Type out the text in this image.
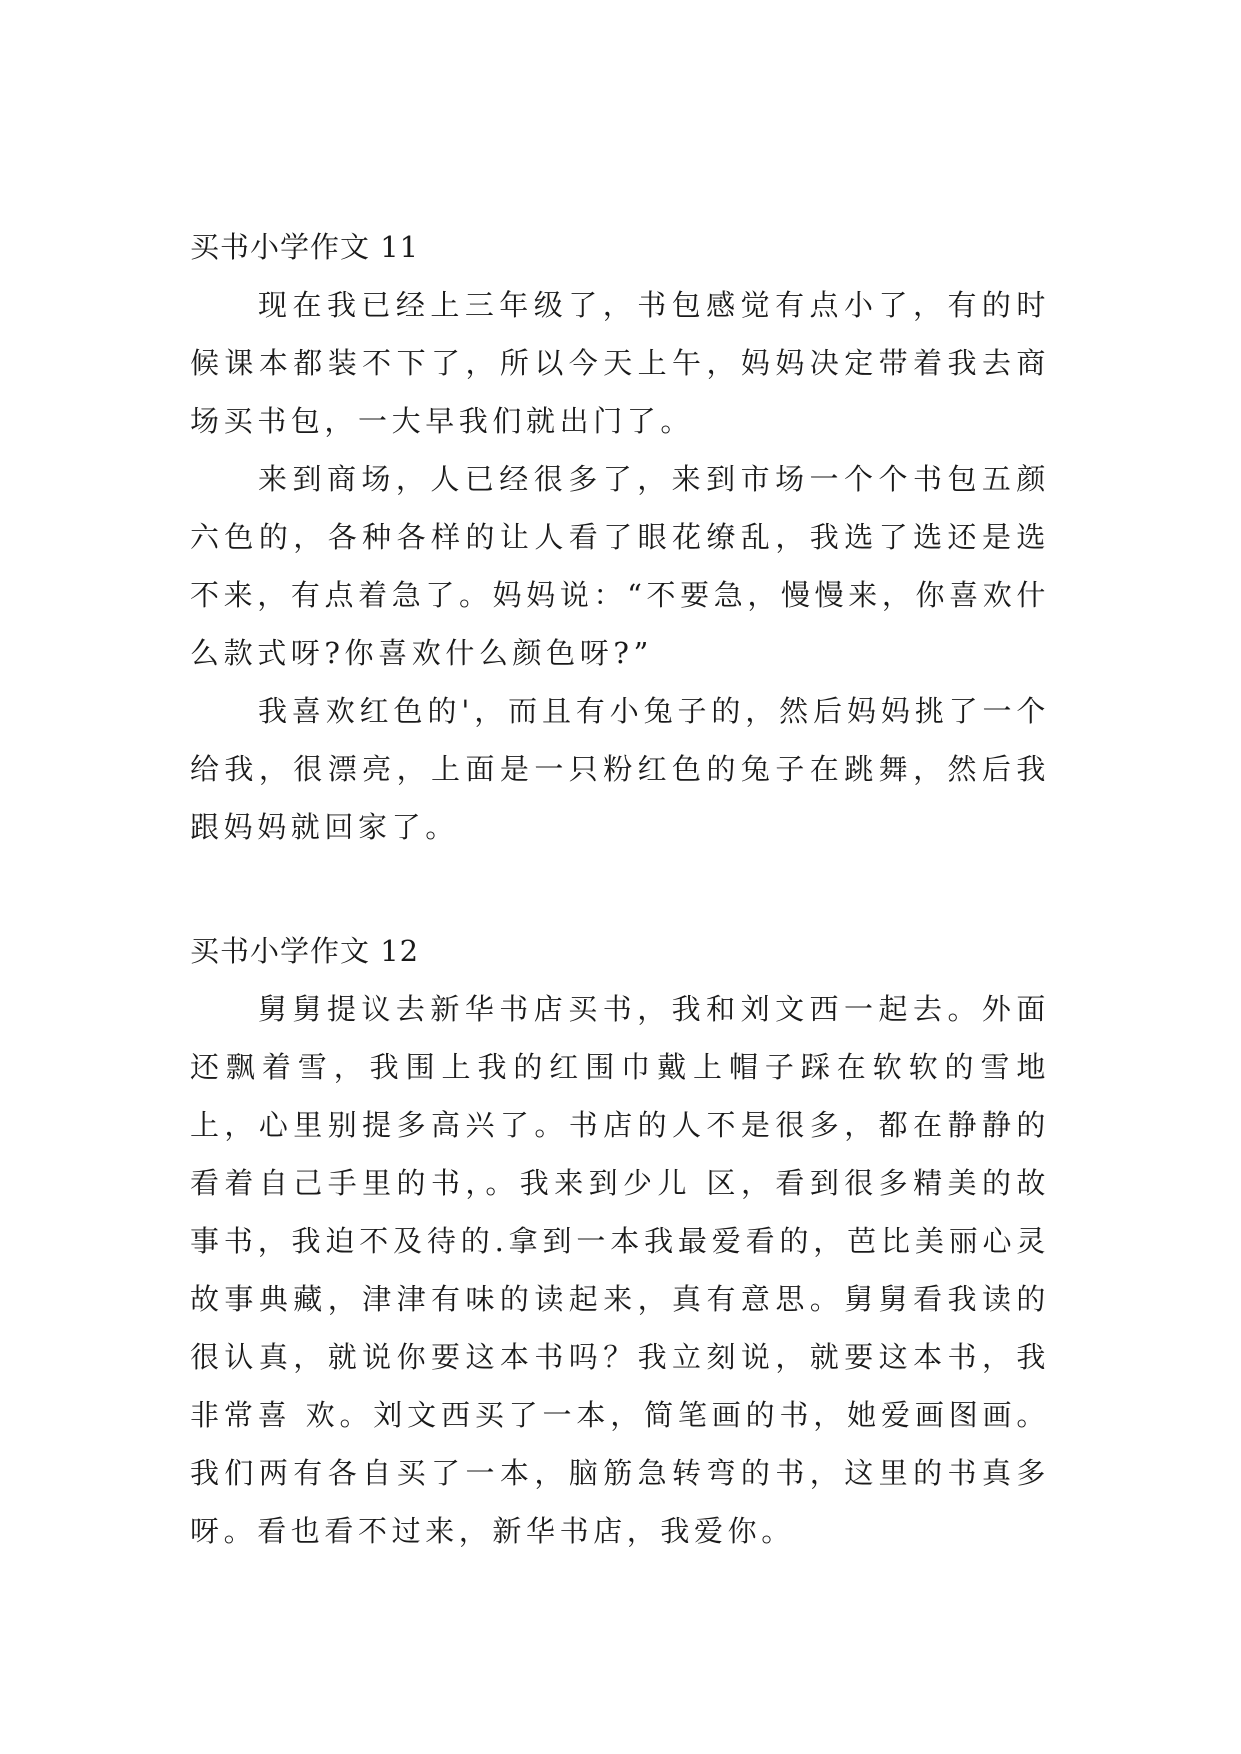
买书小学作文 11

现在我已经上三年级了，书包感觉有点小了，有的时候课本都装不下了，所以今天上午，妈妈决定带着我去商场买书包，一大早我们就出门了。

来到商场，人已经很多了，来到市场一个个书包五颜六色的，各种各样的让人看了眼花缭乱，我选了选还是选不来，有点着急了。妈妈说：“不要急，慢慢来，你喜欢什么款式呀?你喜欢什么颜色呀?”

我喜欢红色的'，而且有小兔子的，然后妈妈挑了一个给我，很漂亮，上面是一只粉红色的兔子在跳舞，然后我跟妈妈就回家了。

买书小学作文 12

舅舅提议去新华书店买书，我和刘文西一起去。外面还飘着雪，我围上我的红围巾戴上帽子踩在软软的雪地上，心里别提多高兴了。书店的人不是很多，都在静静的看着自己手里的书，。我来到少儿 区，看到很多精美的故事书，我迫不及待的.拿到一本我最爱看的，芭比美丽心灵故事典藏，津津有味的读起来，真有意思。舅舅看我读的很认真，就说你要这本书吗？我立刻说，就要这本书，我非常喜 欢。刘文西买了一本，简笔画的书，她爱画图画。我们两有各自买了一本，脑筋急转弯的书，这里的书真多呀。看也看不过来，新华书店，我爱你。
